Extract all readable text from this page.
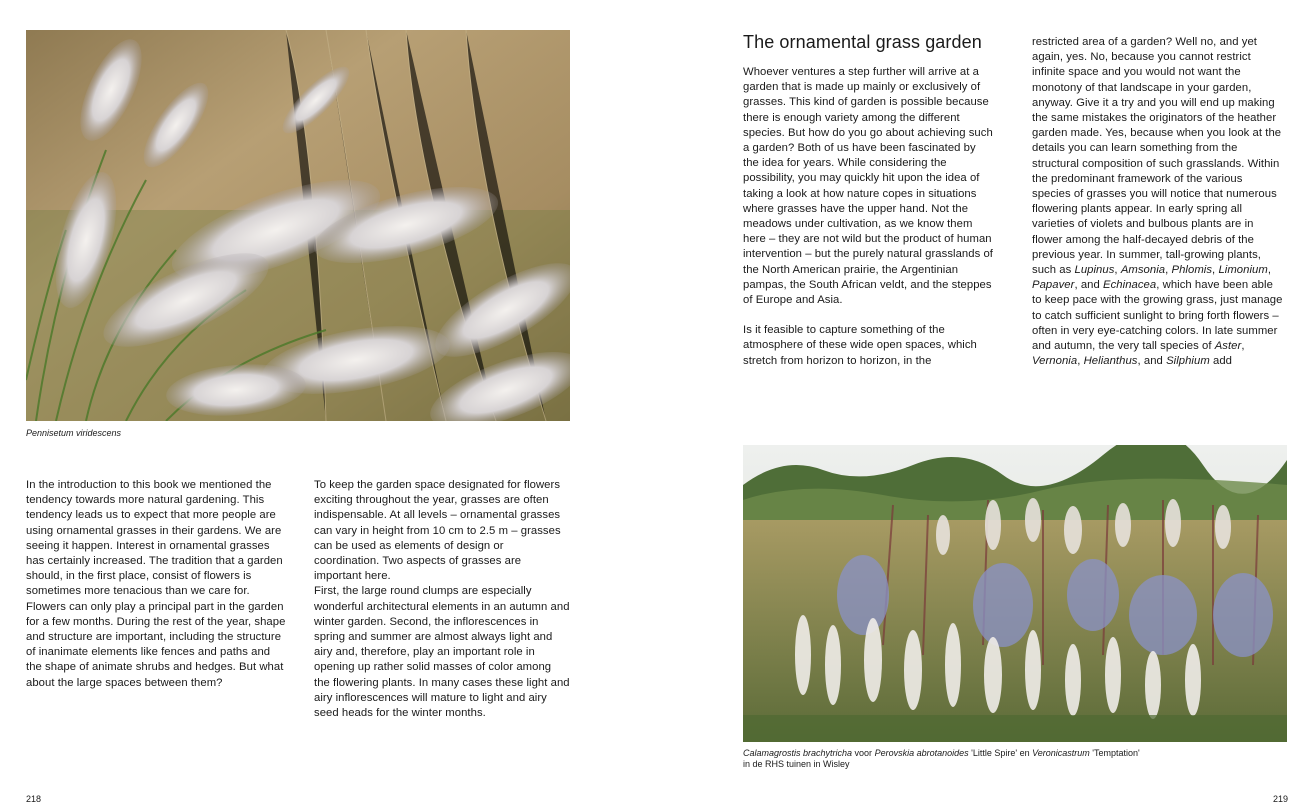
Pennisetum viridescens

In the introduction to this book we mentioned the tendency towards more natural gardening. This tendency leads us to expect that more people are using ornamental grasses in their gardens. We are seeing it happen. Interest in ornamental grasses has certainly increased. The tradition that a garden should, in the first place, consist of flowers is sometimes more tenacious than we care for. Flowers can only play a principal part in the garden for a few months. During the rest of the year, shape and structure are important, including the structure of inanimate elements like fences and paths and the shape of animate shrubs and hedges. But what about the large spaces between them?

To keep the garden space designated for flowers exciting throughout the year, grasses are often indispensable. At all levels – ornamental grasses can vary in height from 10 cm to 2.5 m – grasses can be used as elements of design or coordination. Two aspects of grasses are important here.

First, the large round clumps are especially wonderful architectural elements in an autumn and winter garden. Second, the inflorescences in spring and summer are almost always light and airy and, therefore, play an important role in opening up rather solid masses of color among the flowering plants. In many cases these light and airy inflorescences will mature to light and airy seed heads for the winter months.

218
The ornamental grass garden

Whoever ventures a step further will arrive at a garden that is made up mainly or exclusively of grasses. This kind of garden is possible because there is enough variety among the different species. But how do you go about achieving such a garden? Both of us have been fascinated by the idea for years. While considering the possibility, you may quickly hit upon the idea of taking a look at how nature copes in situations where grasses have the upper hand. Not the meadows under cultivation, as we know them here – they are not wild but the product of human intervention – but the purely natural grasslands of the North American prairie, the Argentinian pampas, the South African veldt, and the steppes of Europe and Asia.

Is it feasible to capture something of the atmosphere of these wide open spaces, which stretch from horizon to horizon, in the

restricted area of a garden? Well no, and yet again, yes. No, because you cannot restrict infinite space and you would not want the monotony of that landscape in your garden, anyway. Give it a try and you will end up making the same mistakes the originators of the heather garden made. Yes, because when you look at the details you can learn something from the structural composition of such grasslands. Within the predominant framework of the various species of grasses you will notice that numerous flowering plants appear. In early spring all varieties of violets and bulbous plants are in flower among the half-decayed debris of the previous year. In summer, tall-growing plants, such as Lupinus, Amsonia, Phlomis, Limonium, Papaver, and Echinacea, which have been able to keep pace with the growing grass, just manage to catch sufficient sunlight to bring forth flowers – often in very eye-catching colors. In late summer and autumn, the very tall species of Aster, Vernonia, Helianthus, and Silphium add

Calamagrostis brachytricha voor Perovskia abrotanoides 'Little Spire' en Veronicastrum 'Temptation'
in de RHS tuinen in Wisley
219
